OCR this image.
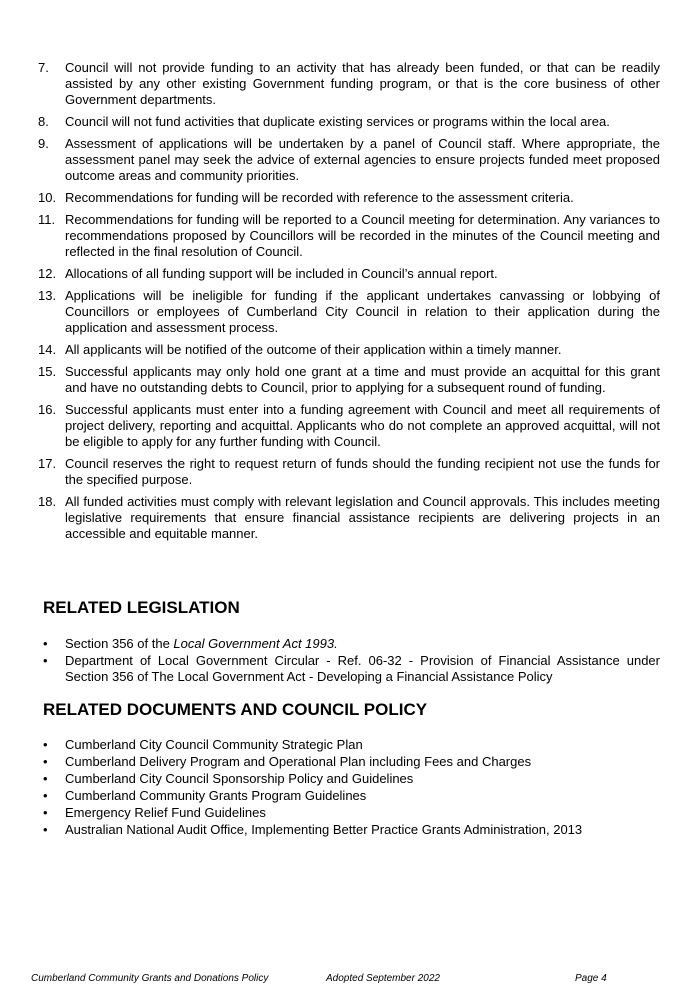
7.	Council will not provide funding to an activity that has already been funded, or that can be readily assisted by any other existing Government funding program, or that is the core business of other Government departments.
8.	Council will not fund activities that duplicate existing services or programs within the local area.
9.	Assessment of applications will be undertaken by a panel of Council staff. Where appropriate, the assessment panel may seek the advice of external agencies to ensure projects funded meet proposed outcome areas and community priorities.
10. Recommendations for funding will be recorded with reference to the assessment criteria.
11. Recommendations for funding will be reported to a Council meeting for determination. Any variances to recommendations proposed by Councillors will be recorded in the minutes of the Council meeting and reflected in the final resolution of Council.
12. Allocations of all funding support will be included in Council’s annual report.
13. Applications will be ineligible for funding if the applicant undertakes canvassing or lobbying of Councillors or employees of Cumberland City Council in relation to their application during the application and assessment process.
14. All applicants will be notified of the outcome of their application within a timely manner.
15. Successful applicants may only hold one grant at a time and must provide an acquittal for this grant and have no outstanding debts to Council, prior to applying for a subsequent round of funding.
16. Successful applicants must enter into a funding agreement with Council and meet all requirements of project delivery, reporting and acquittal. Applicants who do not complete an approved acquittal, will not be eligible to apply for any further funding with Council.
17. Council reserves the right to request return of funds should the funding recipient not use the funds for the specified purpose.
18. All funded activities must comply with relevant legislation and Council approvals. This includes meeting legislative requirements that ensure financial assistance recipients are delivering projects in an accessible and equitable manner.
RELATED LEGISLATION
•	Section 356 of the Local Government Act 1993.
•	Department of Local Government Circular - Ref. 06-32 - Provision of Financial Assistance under Section 356 of The Local Government Act - Developing a Financial Assistance Policy
RELATED DOCUMENTS AND COUNCIL POLICY
•	Cumberland City Council Community Strategic Plan
•	Cumberland Delivery Program and Operational Plan including Fees and Charges
•	Cumberland City Council Sponsorship Policy and Guidelines
•	Cumberland Community Grants Program Guidelines
•	Emergency Relief Fund Guidelines
•	Australian National Audit Office, Implementing Better Practice Grants Administration, 2013
Cumberland Community Grants and Donations Policy	Adopted September 2022	Page 4
